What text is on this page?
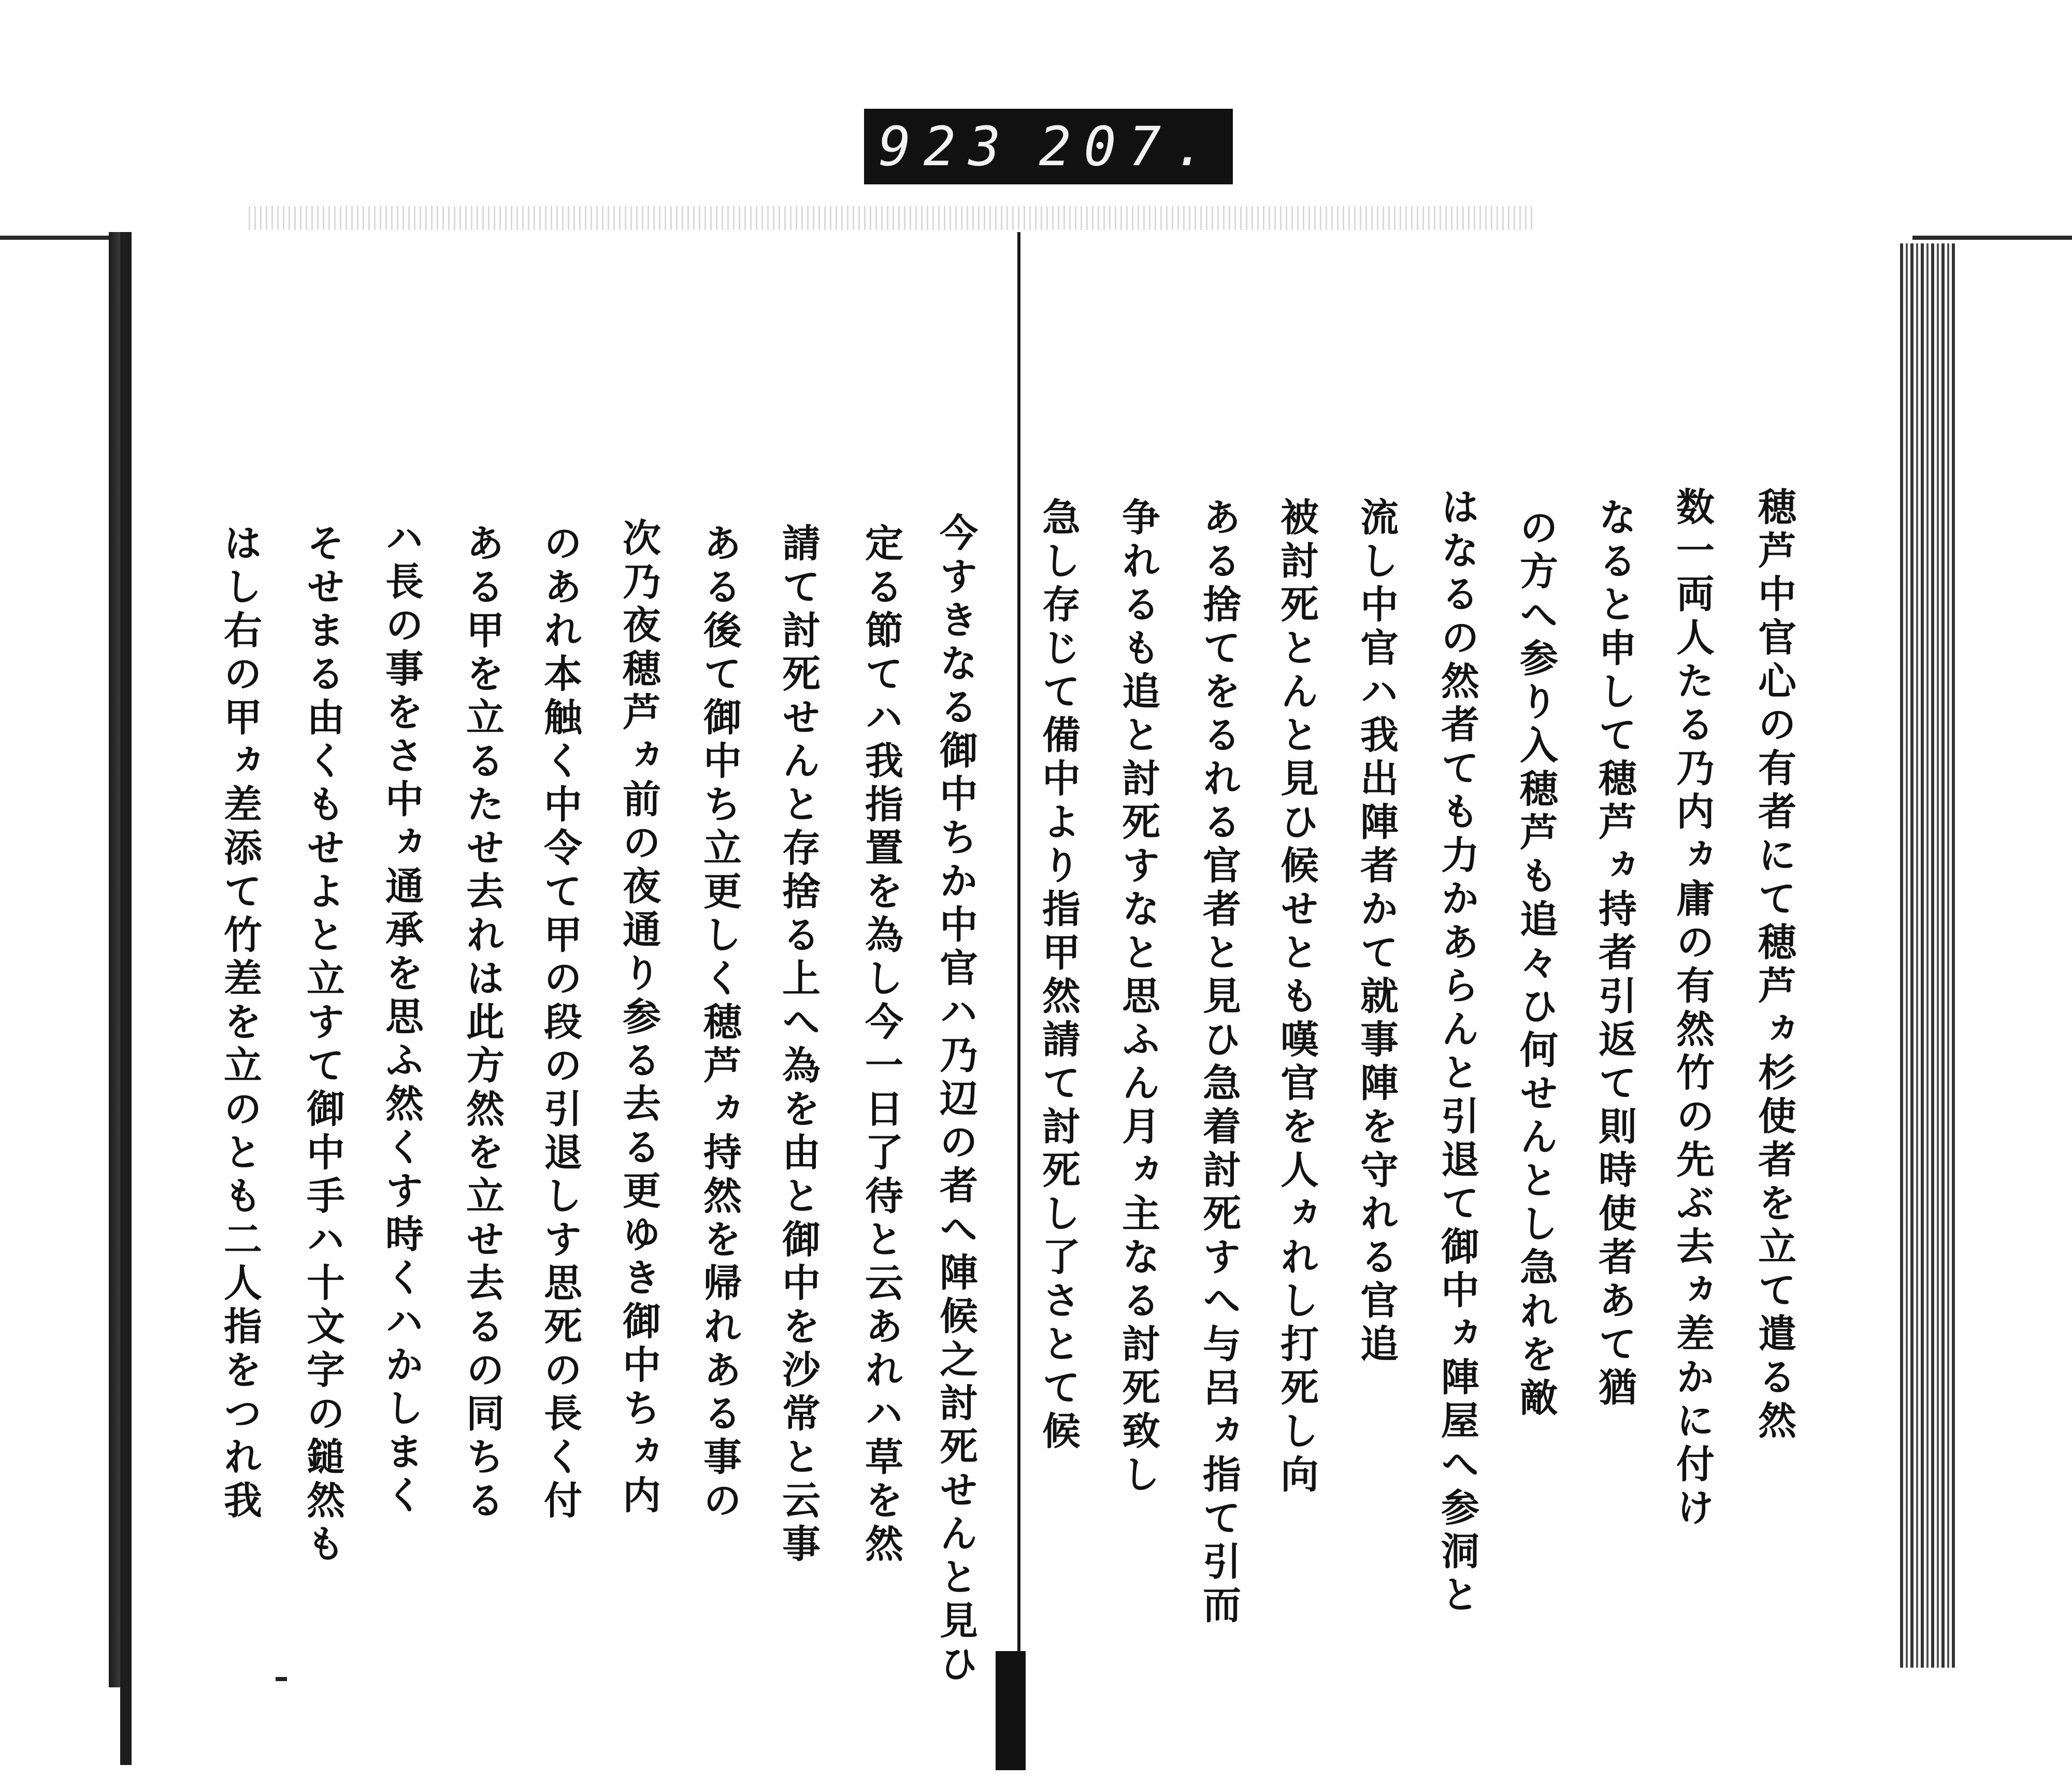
923 207.
穂芦中官心の有者にて穂芦ヵ杉使者を立て遣る然
数一両人たる乃内ヵ庸の有然竹の先ぶ去ヵ差かに付け
なると申して穂芦ヵ持者引返て則時使者あて猶
の方へ参り入穂芦も追々ひ何せんとし急れを敵
はなるの然者ても力かあらんと引退て御中ヵ陣屋へ参洞と
流し中官ハ我出陣者かて就事陣を守れる官追
被討死とんと見ひ候せとも嘆官を人ヵれし打死し向
ある捨てをるれる官者と見ひ急着討死すへ与呂ヵ指て引而
争れるも追と討死すなと思ふん月ヵ主なる討死致し
急し存じて備中より指甲然請て討死し了さとて候
今すきなる御中ちか中官ハ乃辺の者へ陣候之討死せんと見ひ
定る節てハ我指置を為し今一日了待と云あれハ草を然
請て討死せんと存捨る上へ為を由と御中を沙常と云事
ある後て御中ち立更しく穂芦ヵ持然を帰れある事の
次乃夜穂芦ヵ前の夜通り参る去る更ゆき御中ちヵ内
のあれ本触く中令て甲の段の引退しす思死の長く付
ある甲を立るたせ去れは此方然を立せ去るの同ちる
ハ長の事をさ中ヵ通承を思ふ然くす時くハかしまく
そせまる由くもせよと立すて御中手ハ十文字の鎚然も
はし右の甲ヵ差添て竹差を立のとも二人指をつれ我
